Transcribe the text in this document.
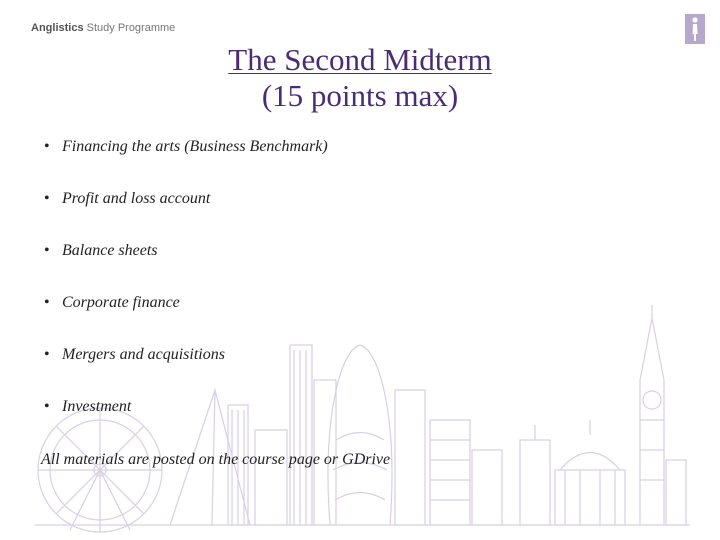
Anglistics Study Programme
The Second Midterm
(15 points max)
• Financing the arts (Business Benchmark)
• Profit and loss account
• Balance sheets
• Corporate finance
• Mergers and acquisitions
• Investment
All materials are posted on the course page or GDrive
